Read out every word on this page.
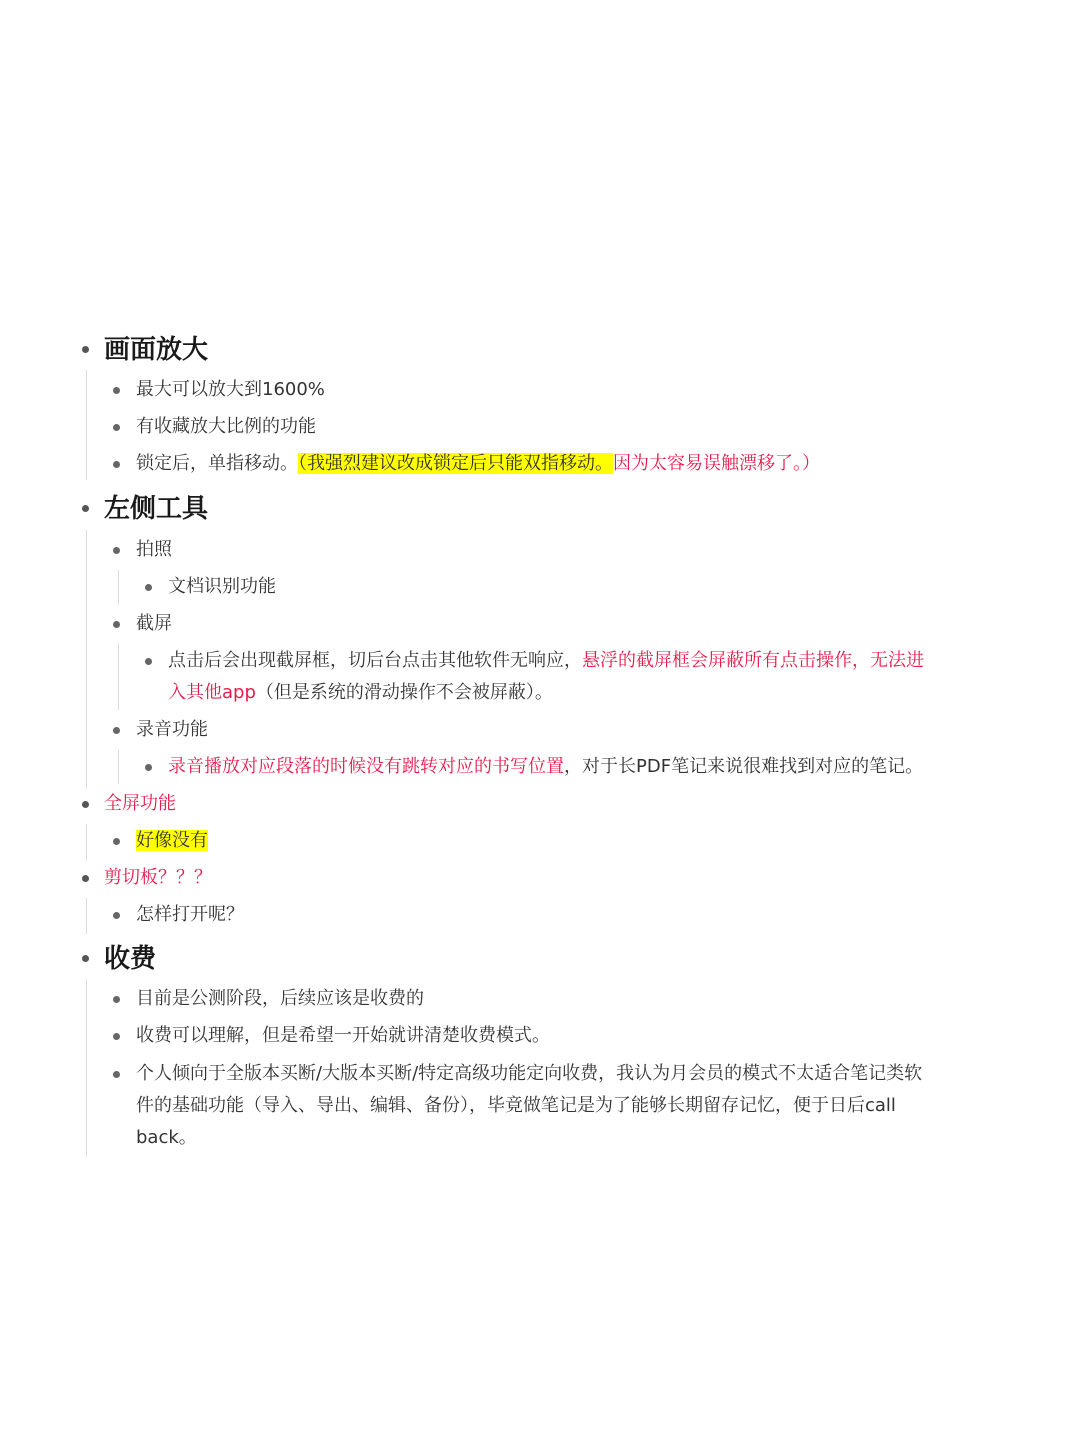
画面放大
最大可以放大到1600%
有收藏放大比例的功能
锁定后，单指移动。（我强烈建议改成锁定后只能双指移动。因为太容易误触漂移了。）
左侧工具
拍照
文档识别功能
截屏
点击后会出现截屏框，切后台点击其他软件无响应，悬浮的截屏框会屏蔽所有点击操作，无法进
入其他app（但是系统的滑动操作不会被屏蔽）。
录音功能
录音播放对应段落的时候没有跳转对应的书写位置，对于长PDF笔记来说很难找到对应的笔记。
全屏功能
好像没有
剪切板？？？
怎样打开呢？
收费
目前是公测阶段，后续应该是收费的
收费可以理解，但是希望一开始就讲清楚收费模式。
个人倾向于全版本买断/大版本买断/特定高级功能定向收费，我认为月会员的模式不太适合笔记类软
件的基础功能（导入、导出、编辑、备份），毕竟做笔记是为了能够长期留存记忆，便于日后call
back。
